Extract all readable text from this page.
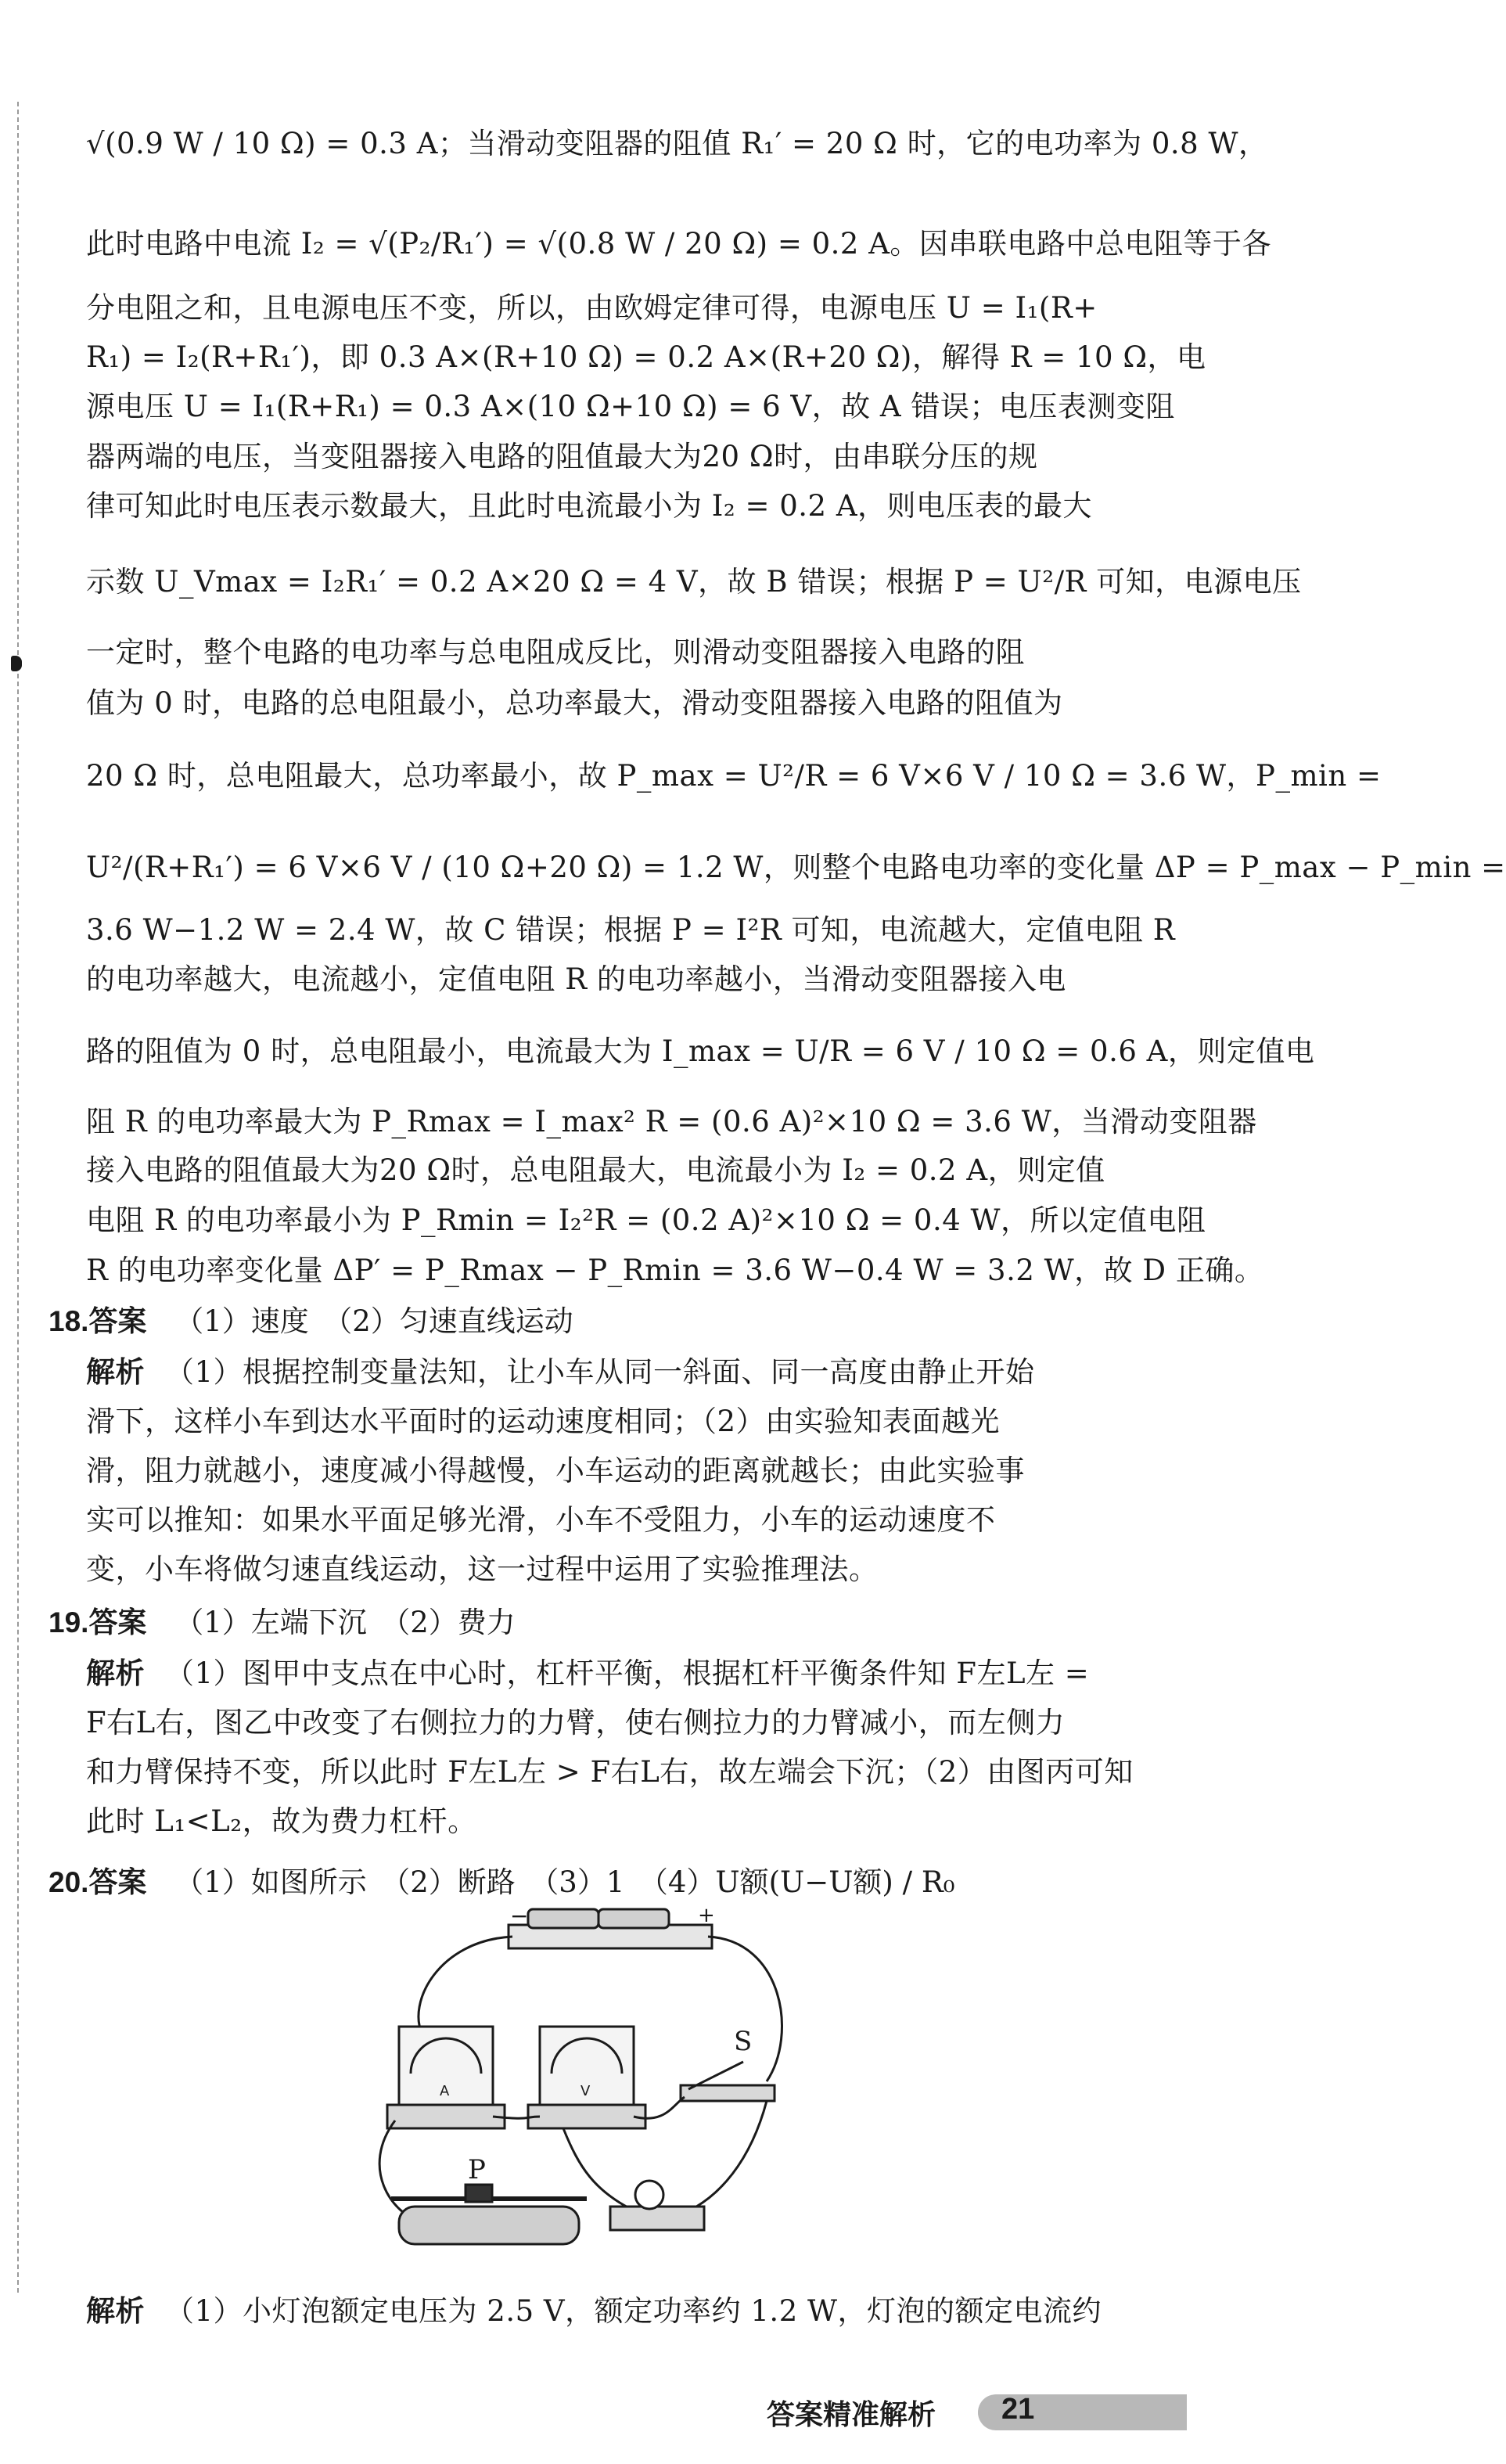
√(0.9 W / 10 Ω) = 0.3 A；当滑动变阻器的阻值 R₁′ = 20 Ω 时，它的电功率为 0.8 W，
此时电路中电流 I₂ = √(P₂/R₁′) = √(0.8 W / 20 Ω) = 0.2 A。因串联电路中总电阻等于各
分电阻之和，且电源电压不变，所以，由欧姆定律可得，电源电压 U = I₁(R+
R₁) = I₂(R+R₁′)，即 0.3 A×(R+10 Ω) = 0.2 A×(R+20 Ω)，解得 R = 10 Ω，电
源电压 U = I₁(R+R₁) = 0.3 A×(10 Ω+10 Ω) = 6 V，故 A 错误；电压表测变阻
器两端的电压，当变阻器接入电路的阻值最大为20 Ω时，由串联分压的规
律可知此时电压表示数最大，且此时电流最小为 I₂ = 0.2 A，则电压表的最大
示数 U_Vmax = I₂R₁′ = 0.2 A×20 Ω = 4 V，故 B 错误；根据 P = U²/R 可知，电源电压
一定时，整个电路的电功率与总电阻成反比，则滑动变阻器接入电路的阻
值为 0 时，电路的总电阻最小，总功率最大，滑动变阻器接入电路的阻值为
20 Ω 时，总电阻最大，总功率最小，故 P_max = U²/R = 6 V×6 V / 10 Ω = 3.6 W，P_min =
U²/(R+R₁′) = 6 V×6 V / (10 Ω+20 Ω) = 1.2 W，则整个电路电功率的变化量 ΔP = P_max − P_min =
3.6 W−1.2 W = 2.4 W，故 C 错误；根据 P = I²R 可知，电流越大，定值电阻 R
的电功率越大，电流越小，定值电阻 R 的电功率越小，当滑动变阻器接入电
路的阻值为 0 时，总电阻最小，电流最大为 I_max = U/R = 6 V / 10 Ω = 0.6 A，则定值电
阻 R 的电功率最大为 P_Rmax = I_max² R = (0.6 A)²×10 Ω = 3.6 W，当滑动变阻器
接入电路的阻值最大为20 Ω时，总电阻最大，电流最小为 I₂ = 0.2 A，则定值
电阻 R 的电功率最小为 P_Rmin = I₂²R = (0.2 A)²×10 Ω = 0.4 W，所以定值电阻
R 的电功率变化量 ΔP′ = P_Rmax − P_Rmin = 3.6 W−0.4 W = 3.2 W，故 D 正确。
18.答案 （1）速度　（2）匀速直线运动
解析 （1）根据控制变量法知，让小车从同一斜面、同一高度由静止开始
滑下，这样小车到达水平面时的运动速度相同；（2）由实验知表面越光
滑，阻力就越小，速度减小得越慢，小车运动的距离就越长；由此实验事
实可以推知：如果水平面足够光滑，小车不受阻力，小车的运动速度不
变，小车将做匀速直线运动，这一过程中运用了实验推理法。
19.答案 （1）左端下沉　（2）费力
解析 （1）图甲中支点在中心时，杠杆平衡，根据杠杆平衡条件知 F左L左 =
F右L右，图乙中改变了右侧拉力的力臂，使右侧拉力的力臂减小，而左侧力
和力臂保持不变，所以此时 F左L左 > F右L右，故左端会下沉；（2）由图丙可知
此时 L₁<L₂，故为费力杠杆。
20.答案 （1）如图所示　（2）断路　（3）1　（4）U额(U−U额) / R₀
解析 （1）小灯泡额定电压为 2.5 V，额定功率约 1.2 W，灯泡的额定电流约
−	+
S
P
A	V
答案精准解析 21
